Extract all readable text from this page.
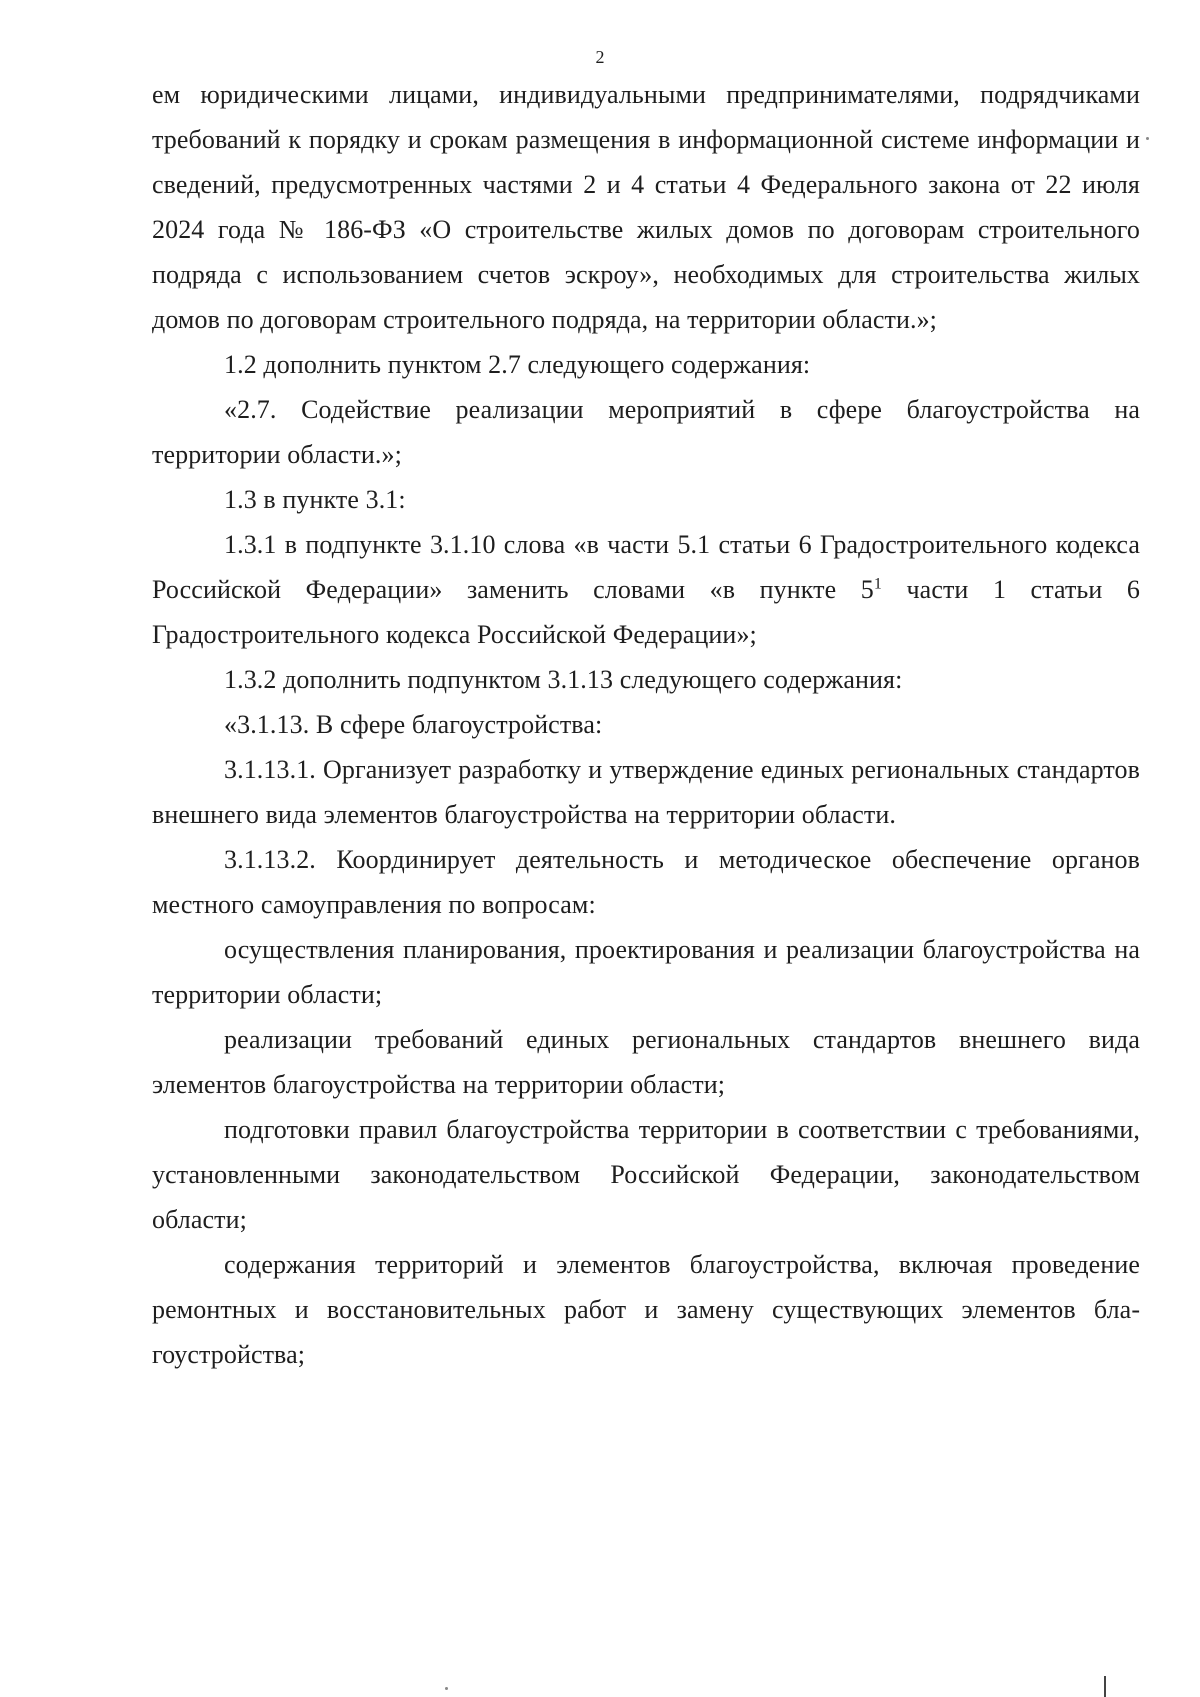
2

ем юридическими лицами, индивидуальными предпринимателями, подрядчиками требований к порядку и срокам размещения в информационной системе информации и сведений, предусмотренных частями 2 и 4 статьи 4 Федерального закона от 22 июля 2024 года № 186-ФЗ «О строительстве жилых домов по договорам строительного подряда с использованием счетов эскроу», необходимых для строительства жилых домов по договорам строительного подряда, на территории области.»;

1.2 дополнить пунктом 2.7 следующего содержания:

«2.7. Содействие реализации мероприятий в сфере благоустройства на территории области.»;

1.3 в пункте 3.1:

1.3.1 в подпункте 3.1.10 слова «в части 5.1 статьи 6 Градостроительного кодекса Российской Федерации» заменить словами «в пункте $5^1$ части 1 статьи 6 Градостроительного кодекса Российской Федерации»;

1.3.2 дополнить подпунктом 3.1.13 следующего содержания:

«3.1.13. В сфере благоустройства:

3.1.13.1. Организует разработку и утверждение единых региональных стандартов внешнего вида элементов благоустройства на территории области.

3.1.13.2. Координирует деятельность и методическое обеспечение органов местного самоуправления по вопросам:

осуществления планирования, проектирования и реализации благоустройства на территории области;

реализации требований единых региональных стандартов внешнего вида элементов благоустройства на территории области;

подготовки правил благоустройства территории в соответствии с требованиями, установленными законодательством Российской Федерации, законодательством области;

содержания территорий и элементов благоустройства, включая проведение ремонтных и восстановительных работ и замену существующих элементов благоустройства;
